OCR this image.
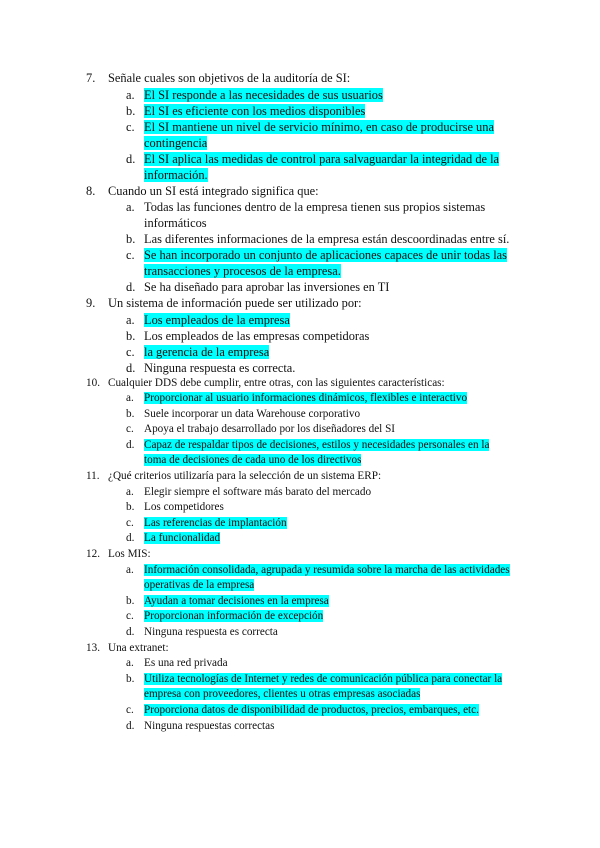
7. Señale cuales son objetivos de la auditoría de SI:
a. El SI responde a las necesidades de sus usuarios
b. El SI es eficiente con los medios disponibles
c. El SI mantiene un nivel de servicio mínimo, en caso de producirse una contingencia
d. El SI aplica las medidas de control para salvaguardar la integridad de la información.
8. Cuando un SI está integrado significa que:
a. Todas las funciones dentro de la empresa tienen sus propios sistemas informáticos
b. Las diferentes informaciones de la empresa están descoordinadas entre sí.
c. Se han incorporado un conjunto de aplicaciones capaces de unir todas las transacciones y procesos de la empresa.
d. Se ha diseñado para aprobar las inversiones en TI
9. Un sistema de información puede ser utilizado por:
a. Los empleados de la empresa
b. Los empleados de las empresas competidoras
c. la gerencia de la empresa
d. Ninguna respuesta es correcta.
10. Cualquier DDS debe cumplir, entre otras, con las siguientes características:
a. Proporcionar al usuario informaciones dinámicos, flexibles e interactivo
b. Suele incorporar un data Warehouse corporativo
c. Apoya el trabajo desarrollado por los diseñadores del SI
d. Capaz de respaldar tipos de decisiones, estilos y necesidades personales en la toma de decisiones de cada uno de los directivos
11. ¿Qué criterios utilizaría para la selección de un sistema ERP:
a. Elegir siempre el software más barato del mercado
b. Los competidores
c. Las referencias de implantación
d. La funcionalidad
12. Los MIS:
a. Información consolidada, agrupada y resumida sobre la marcha de las actividades operativas de la empresa
b. Ayudan a tomar decisiones en la empresa
c. Proporcionan información de excepción
d. Ninguna respuesta es correcta
13. Una extranet:
a. Es una red privada
b. Utiliza tecnologías de Internet y redes de comunicación pública para conectar la empresa con proveedores, clientes u otras empresas asociadas
c. Proporciona datos de disponibilidad de productos, precios, embarques, etc.
d. Ninguna respuestas correctas
